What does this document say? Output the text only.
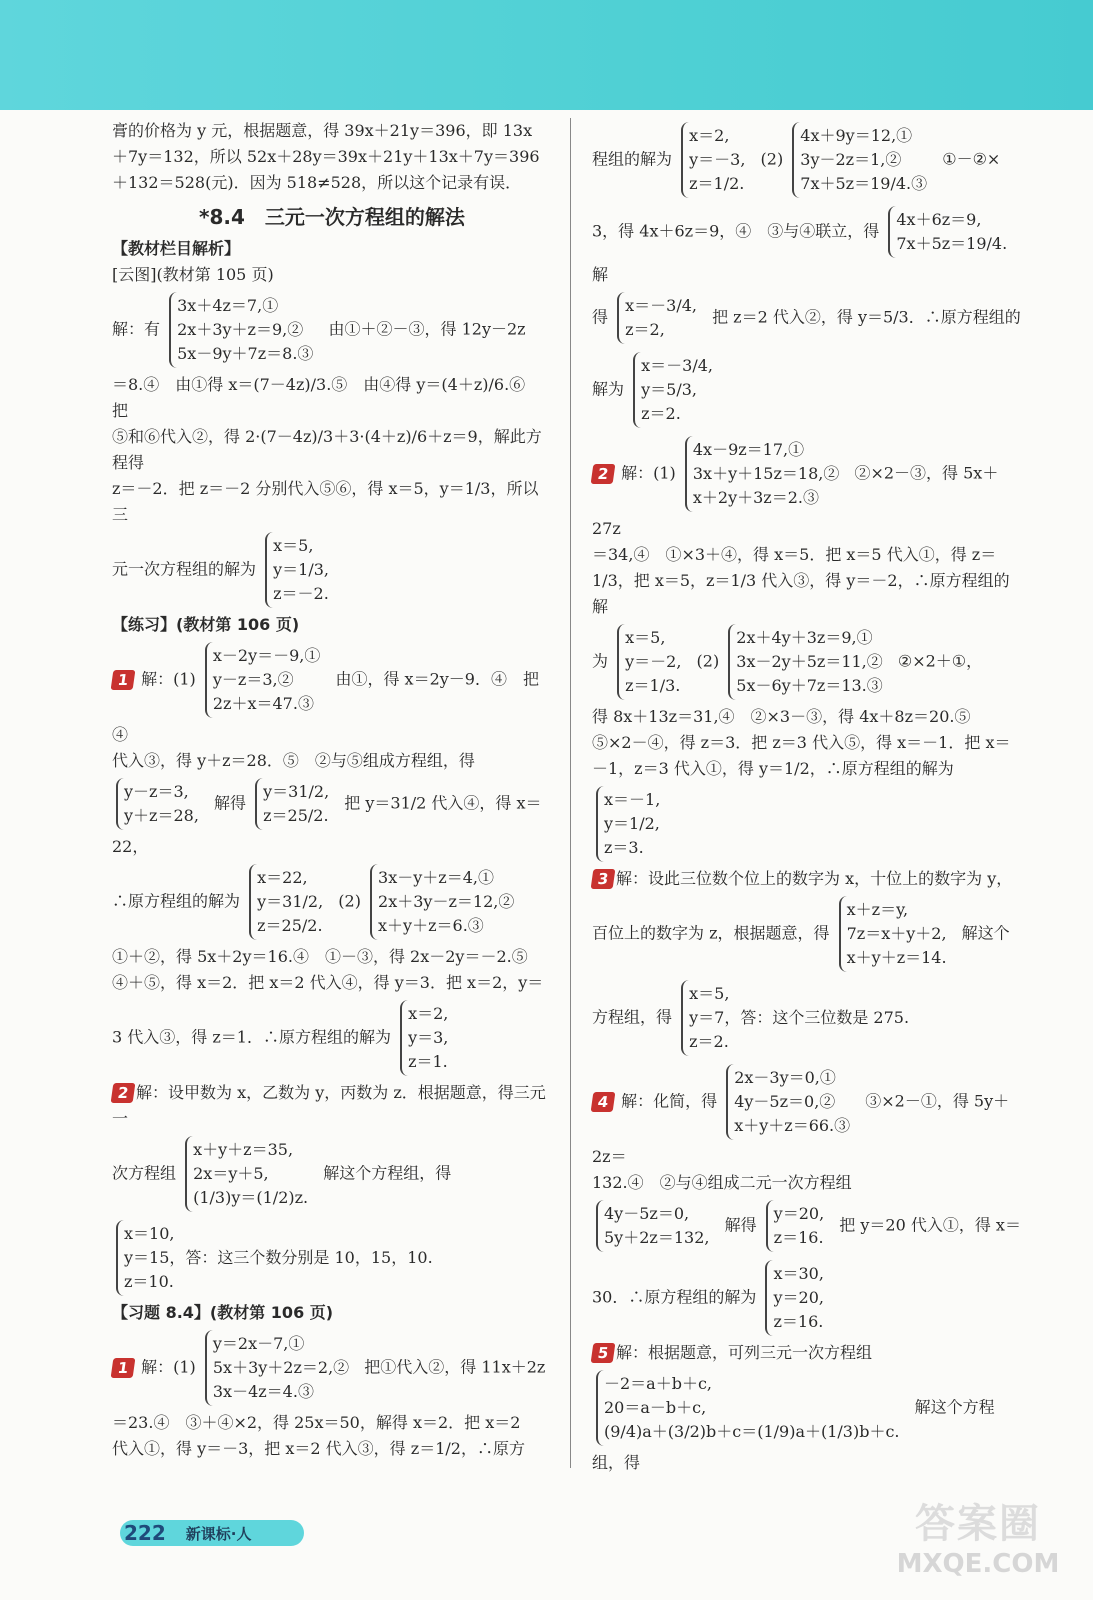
膏的价格为 y 元，根据题意，得 39x＋21y＝396，即 13x

＋7y＝132，所以 52x＋28y＝39x＋21y＋13x＋7y＝396

＋132＝528(元)．因为 518≠528，所以这个记录有误．

*8.4　三元一次方程组的解法

【教材栏目解析】

[云图](教材第 105 页)

解：有
3x＋4z＝7,①
2x＋3y＋z＝9,②
5x－9y＋7z＝8.③
由①＋②－③，得 12y－2z

＝8.④　由①得 x＝(7－4z)/3.⑤　由④得 y＝(4＋z)/6.⑥　把

⑤和⑥代入②，得 2·(7－4z)/3＋3·(4＋z)/6＋z＝9，解此方程得

z＝－2．把 z＝－2 分别代入⑤⑥，得 x＝5，y＝1/3，所以三

元一次方程组的解为
x＝5,
y＝1/3,
z＝－2.

【练习】(教材第 106 页)

1 解：(1)
x－2y＝－9,①
y－z＝3,②
2z＋x＝47.③
由①，得 x＝2y－9．④　把④

代入③，得 y＋z＝28．⑤　②与⑤组成方程组，得

y－z＝3,
y＋z＝28,
解得
y＝31/2,
z＝25/2.
把 y＝31/2 代入④，得 x＝22，
∴原方程组的解为
x＝22,
y＝31/2,
z＝25/2.
(2)
3x－y＋z＝4,①
2x＋3y－z＝12,②
x＋y＋z＝6.③

①＋②，得 5x＋2y＝16.④　①－③，得 2x－2y＝－2.⑤

④＋⑤，得 x＝2．把 x＝2 代入④，得 y＝3．把 x＝2，y＝

3 代入③，得 z＝1．∴原方程组的解为
x＝2,
y＝3,
z＝1.

2 解：设甲数为 x，乙数为 y，丙数为 z．根据题意，得三元一

次方程组
x＋y＋z＝35,
2x＝y＋5,
(1/3)y＝(1/2)z.
解这个方程组，得
x＝10,
y＝15，答：这三个数分别是 10，15，10.
z＝10.

【习题 8.4】(教材第 106 页)

1 解：(1)
y＝2x－7,①
5x＋3y＋2z＝2,②
3x－4z＝4.③
把①代入②，得 11x＋2z

＝23.④　③＋④×2，得 25x＝50，解得 x＝2．把 x＝2

代入①，得 y＝－3，把 x＝2 代入③，得 z＝1/2，∴原方

程组的解为
x＝2,
y＝－3,
z＝1/2.
(2)
4x＋9y＝12,①
3y－2z＝1,②
7x＋5z＝19/4.③
①－②×
3，得 4x＋6z＝9，④　③与④联立，得
4x＋6z＝9,
7x＋5z＝19/4.
解
得
x＝－3/4,
z＝2,
把 z＝2 代入②，得 y＝5/3．∴原方程组的
解为
x＝－3/4,
y＝5/3,
z＝2.
2 解：(1)
4x－9z＝17,①
3x＋y＋15z＝18,②
x＋2y＋3z＝2.③
②×2－③，得 5x＋27z

＝34,④　①×3＋④，得 x＝5．把 x＝5 代入①，得 z＝

1/3，把 x＝5，z＝1/3 代入③，得 y＝－2，∴原方程组的解

为
x＝5,
y＝－2,
z＝1/3.
(2)
2x＋4y＋3z＝9,①
3x－2y＋5z＝11,②
5x－6y＋7z＝13.③
②×2＋①，

得 8x＋13z＝31,④　②×3－③，得 4x＋8z＝20.⑤

⑤×2－④，得 z＝3．把 z＝3 代入⑤，得 x＝－1．把 x＝

－1，z＝3 代入①，得 y＝1/2，∴原方程组的解为

x＝－1,
y＝1/2,
z＝3.

3 解：设此三位数个位上的数字为 x，十位上的数字为 y，

百位上的数字为 z，根据题意，得
x＋z＝y,
7z＝x＋y＋2,
x＋y＋z＝14.
解这个
方程组，得
x＝5,
y＝7，答：这个三位数是 275.
z＝2.
4 解：化简，得
2x－3y＝0,①
4y－5z＝0,②
x＋y＋z＝66.③
③×2－①，得 5y＋2z＝

132.④　②与④组成二元一次方程组

4y－5z＝0,
5y＋2z＝132,
解得
y＝20,
z＝16.
把 y＝20 代入①，得 x＝
30．∴原方程组的解为
x＝30,
y＝20,
z＝16.

5 解：根据题意，可列三元一次方程组

－2＝a＋b＋c,
20＝a－b＋c,
(9/4)a＋(3/2)b＋c＝(1/9)a＋(1/3)b＋c.
解这个方程组，得
222 新课标·人	答案圈
MXQE.COM
